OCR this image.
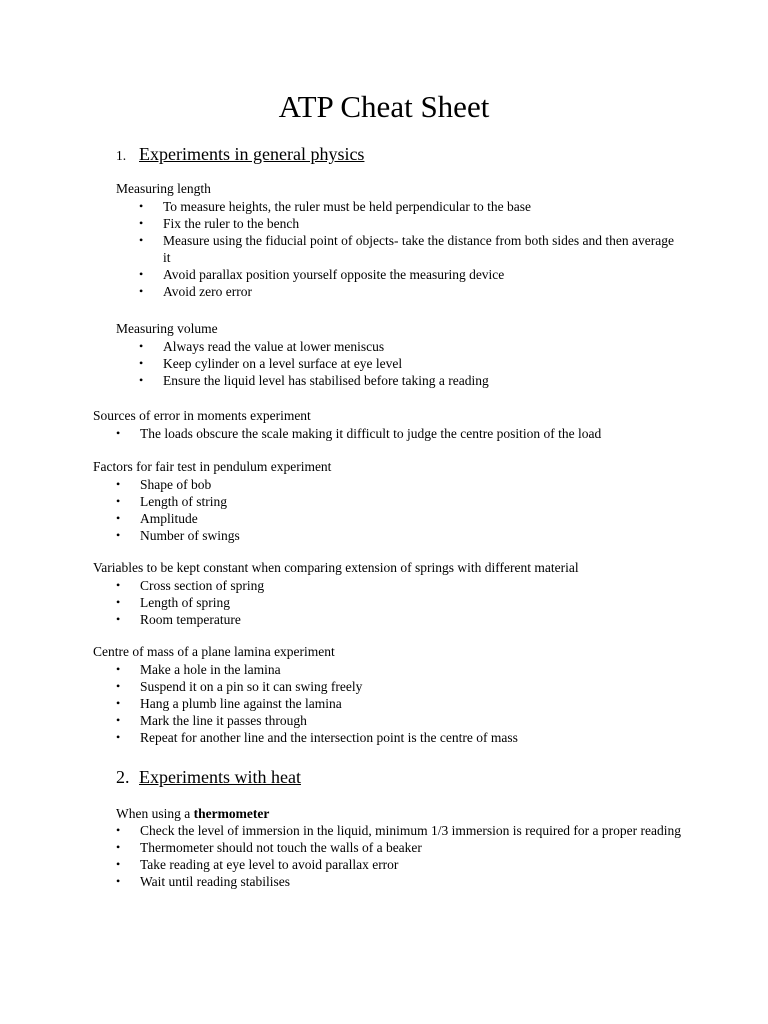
ATP Cheat Sheet
1. Experiments in general physics

Measuring length

• To measure heights, the ruler must be held perpendicular to the base
• Fix the ruler to the bench
• Measure using the fiducial point of objects- take the distance from both sides and then average it
• Avoid parallax position yourself opposite the measuring device
• Avoid zero error

Measuring volume

• Always read the value at lower meniscus
• Keep cylinder on a level surface at eye level
• Ensure the liquid level has stabilised before taking a reading

Sources of error in moments experiment

• The loads obscure the scale making it difficult to judge the centre position of the load

Factors for fair test in pendulum experiment

• Shape of bob
• Length of string
• Amplitude
• Number of swings

Variables to be kept constant when comparing extension of springs with different material

• Cross section of spring
• Length of spring
• Room temperature

Centre of mass of a plane lamina experiment

• Make a hole in the lamina
• Suspend it on a pin so it can swing freely
• Hang a plumb line against the lamina
• Mark the line it passes through
• Repeat for another line and the intersection point is the centre of mass
2. Experiments with heat

When using a thermometer

• Check the level of immersion in the liquid, minimum 1/3 immersion is required for a proper reading
• Thermometer should not touch the walls of a beaker
• Take reading at eye level to avoid parallax error
• Wait until reading stabilises
